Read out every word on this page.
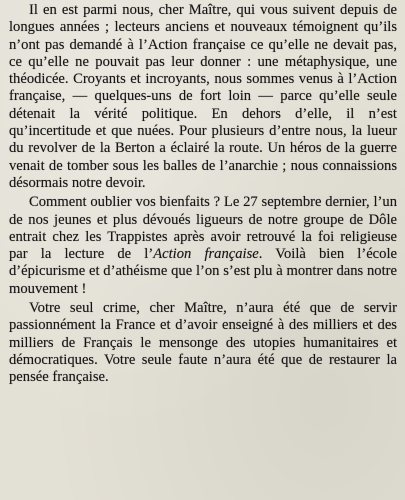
Il en est parmi nous, cher Maître, qui vous suivent depuis de longues années ; lecteurs anciens et nouveaux témoignent qu’ils n’ont pas demandé à l’Action française ce qu’elle ne devait pas, ce qu’elle ne pouvait pas leur donner : une métaphysique, une théodicée. Croyants et incroyants, nous sommes venus à l’Action française, — quelques-uns de fort loin — parce qu’elle seule détenait la vérité politique. En dehors d’elle, il n’est qu’incertitude et que nuées. Pour plusieurs d’entre nous, la lueur du revolver de la Berton a éclairé la route. Un héros de la guerre venait de tomber sous les balles de l’anarchie ; nous connaissions désormais notre devoir.

Comment oublier vos bienfaits ? Le 27 septembre dernier, l’un de nos jeunes et plus dévoués ligueurs de notre groupe de Dôle entrait chez les Trappistes après avoir retrouvé la foi religieuse par la lecture de l’Action française. Voilà bien l’école d’épicurisme et d’athéisme que l’on s’est plu à montrer dans notre mouvement !

Votre seul crime, cher Maître, n’aura été que de servir passionnément la France et d’avoir enseigné à des milliers et des milliers de Français le mensonge des utopies humanitaires et démocratiques. Votre seule faute n’aura été que de restaurer la pensée française.
